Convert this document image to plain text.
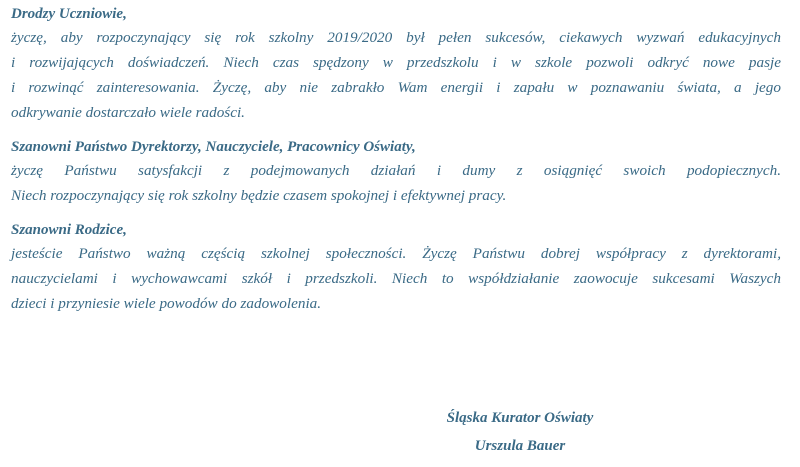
Drodzy Uczniowie,
życzę, aby rozpoczynający się rok szkolny 2019/2020 był pełen sukcesów, ciekawych wyzwań edukacyjnych
i rozwijających doświadczeń. Niech czas spędzony w przedszkolu i w szkole pozwoli odkryć nowe pasje
i rozwinąć zainteresowania. Życzę, aby nie zabrakło Wam energii i zapału w poznawaniu świata, a jego
odkrywanie dostarczało wiele radości.
Szanowni Państwo Dyrektorzy, Nauczyciele, Pracownicy Oświaty,
życzę Państwu satysfakcji z podejmowanych działań i dumy z osiągnięć swoich podopiecznych.
Niech rozpoczynający się rok szkolny będzie czasem spokojnej i efektywnej pracy.
Szanowni Rodzice,
jesteście Państwo ważną częścią szkolnej społeczności. Życzę Państwu dobrej współpracy z dyrektorami,
nauczycielami i wychowawcami szkół i przedszkoli. Niech to współdziałanie zaowocuje sukcesami Waszych
dzieci i przyniesie wiele powodów do zadowolenia.
Śląska Kurator Oświaty
Urszula Bauer
